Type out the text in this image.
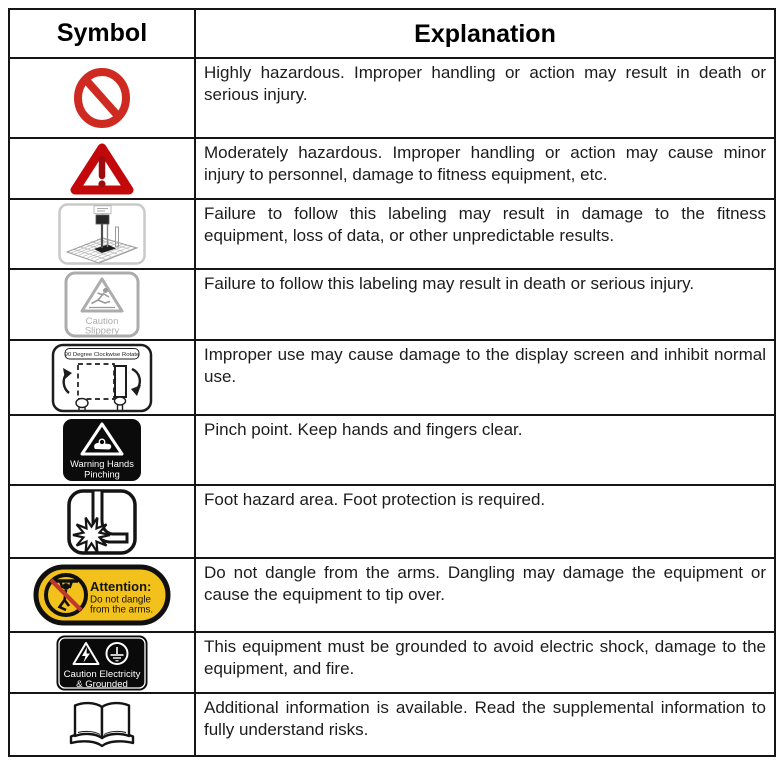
Symbol	Explanation
Highly hazardous. Improper handling or action may result in death or serious injury.
Moderately hazardous. Improper handling or action may cause minor injury to personnel, damage to fitness equipment, etc.
Failure to follow this labeling may result in damage to the fitness equipment, loss of data, or other unpredictable results.
Caution
Slippery
Failure to follow this labeling may result in death or serious injury.
90 Degree Clockwise Rotate	Improper use may cause damage to the display screen and inhibit normal use.
Warning Hands
Pinching
Pinch point. Keep hands and fingers clear.
Foot hazard area. Foot protection is required.
Attention:
Do not dangle
from the arms.
Do not dangle from the arms. Dangling may damage the equipment or cause the equipment to tip over.
Caution Electricity
& Grounded
This equipment must be grounded to avoid electric shock, damage to the equipment, and fire.
Additional information is available. Read the supplemental information to fully understand risks.
